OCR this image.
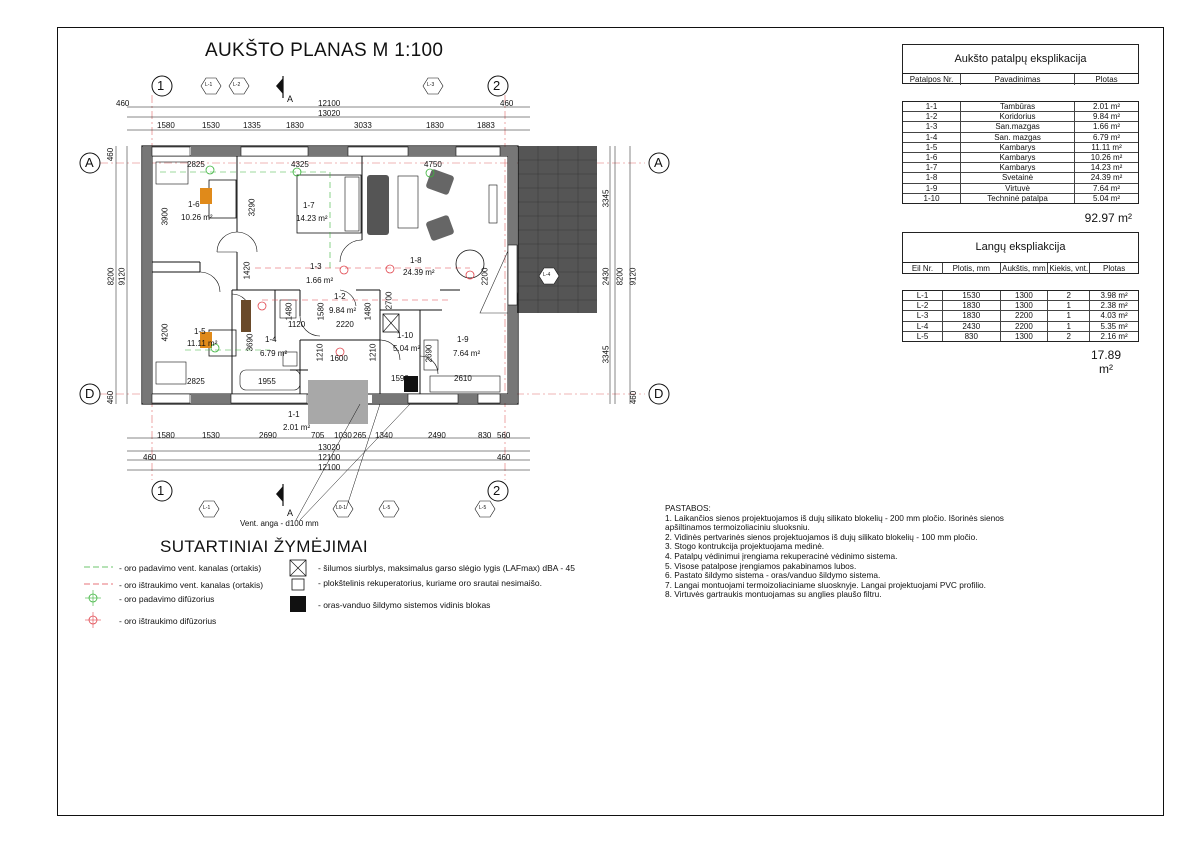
AUKŠTO PLANAS M 1:100
1	2
1	2
A
D
A
D
A
A
L-1	L-2	L-3
L-1	L-5	L-5
L0-1
L-4
460	12100	460
13020
1580	1530	1335	1830	3033	1830	1883
1580	1530	2690	705 1030 265 1340	2490	830 560
13020
460	12100	460
12100
460
8200 9120
460
3345
2430
3345
8200 9120
460
2825	4325	4750
3900
3290
1420
4200
3690
1480	1580
2700
1480
1120	2220
1210 1600	1210	2690
1955	1590	2610
2825
2200
1-6
10.26 m²
1-7
14.23 m²
1-3
1.66 m²
1-8
24.39 m²
1-2
9.84 m²
1-5
11.11 m²	1-4
6.79 m²
1-10
5.04 m²
1-9
7.64 m²
1-1
2.01 m²
Vent. anga - d100 mm
Aukšto patalpų eksplikacija
Patalpos Nr.	Pavadinimas	Plotas
1-1	Tambūras	2.01 m²
1-2	Koridorius	9.84 m²
1-3	San.mazgas	1.66 m²
1-4	San. mazgas	6.79 m²
1-5	Kambarys	11.11 m²
1-6	Kambarys	10.26 m²
1-7	Kambarys	14.23 m²
1-8	Svetainė	24.39 m²
1-9	Virtuvė	7.64 m²
1-10	Techninė patalpa	5.04 m²
92.97 m²
Langų ekspliakcija
Eil Nr.	Plotis, mm	Aukštis, mm Kiekis, vnt.	Plotas
L-1	1530	1300	2	3.98 m²
L-2	1830	1300	1	2.38 m²
L-3	1830	2200	1	4.03 m²
L-4	2430	2200	1	5.35 m²
L-5	830	1300	2	2.16 m²
17.89
m²
PASTABOS:
1. Laikančios sienos projektuojamos iš dujų silikato blokelių - 200 mm pločio. Išorinės sienos
apšiltinamos termoizoliaciniu sluoksniu.
2. Vidinės pertvarinės sienos projektuojamos iš dujų silikato blokelių - 100 mm pločio.
3. Stogo kontrukcija projektuojama medinė.
4. Patalpų vėdinimui įrengiama rekuperacinė vėdinimo sistema.
5. Visose patalpose įrengiamos pakabinamos lubos.
6. Pastato šildymo sistema - oras/vanduo šildymo sistema.
7. Langai montuojami termoizoliaciniame sluosknyje. Langai projektuojami PVC profilio.
8. Virtuvės gartraukis montuojamas su anglies plaušo filtru.
SUTARTINIAI ŽYMĖJIMAI
- oro padavimo vent. kanalas (ortakis)
- oro ištraukimo vent. kanalas (ortakis)
- oro padavimo difūzorius
- oro ištraukimo difūzorius
- šilumos siurblys, maksimalus garso slėgio lygis (LAFmax) dBA - 45
- plokštelinis rekuperatorius, kuriame oro srautai nesimaišo.
- oras-vanduo šildymo sistemos vidinis blokas
